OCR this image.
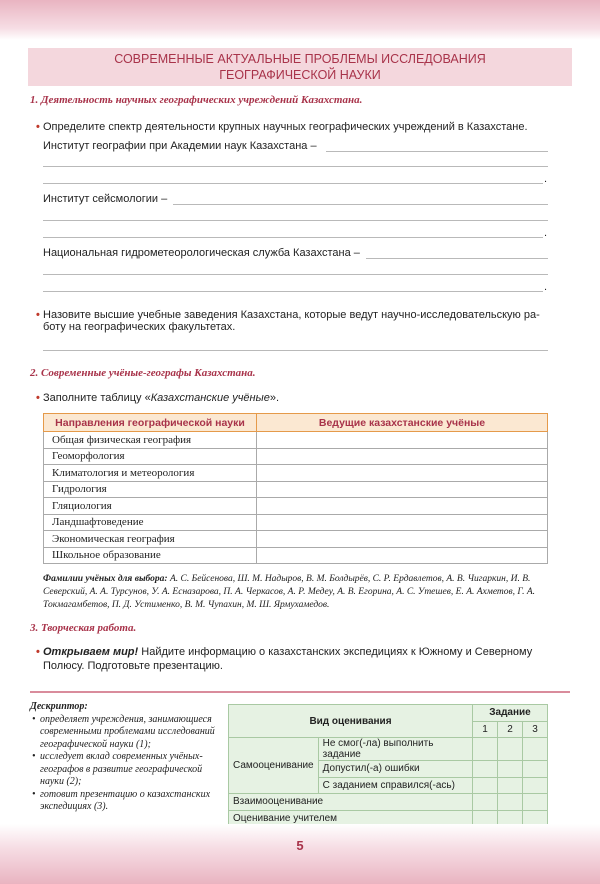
СОВРЕМЕННЫЕ АКТУАЛЬНЫЕ ПРОБЛЕМЫ ИССЛЕДОВАНИЯ
ГЕОГРАФИЧЕСКОЙ НАУКИ
1. Деятельность научных географических учреждений Казахстана.
• Определите спектр деятельности крупных научных географических учреждений в Казахстане.
Институт географии при Академии наук Казахстана –
.
Институт сейсмологии –
.
Национальная гидрометеорологическая служба Казахстана –
.
• Назовите высшие учебные заведения Казахстана, которые ведут научно-исследовательскую ра-
боту на географических факультетах.
2. Современные учёные-географы Казахстана.
• Заполните таблицу «Казахстанские учёные».
Направления географической науки	Ведущие казахстанские учёные
Общая физическая география	
Геоморфология	
Климатология и метеорология	
Гидрология	
Гляциология	
Ландшафтоведение	
Экономическая география	
Школьное образование	
Фамилии учёных для выбора: А. С. Бейсенова, Ш. М. Надыров, В. М. Болдырёв, С. Р. Ердавлетов, А. В. Чигаркин, И. В. Северский, А. А. Турсунов, У. А. Есназарова, П. А. Черкасов, А. Р. Медеу, А. В. Егорина, А. С. Утешев, Е. А. Ахметов, Г. А. Токмагамбетов, П. Д. Устименко, В. М. Чупахин, М. Ш. Ярмухамедов.
3. Творческая работа.
• Открываем мир! Найдите информацию о казахстанских экспедициях к Южному и Северному
Полюсу. Подготовьте презентацию.
Дескриптор:
• определяет учреждения, занимающиеся современными проблемами исследований географической науки (1);
• исследует вклад современных учёных-географов в развитие географической науки (2);
• готовит презентацию о казахстанских экспедициях (3).
Вид оценивания		Задание		
		1	2	3
Самооценивание	Не смог(-ла) выполнить задание			
	Допустил(-а) ошибки			
	С заданием справился(-ась)			
Взаимооценивание				
Оценивание учителем				
5
